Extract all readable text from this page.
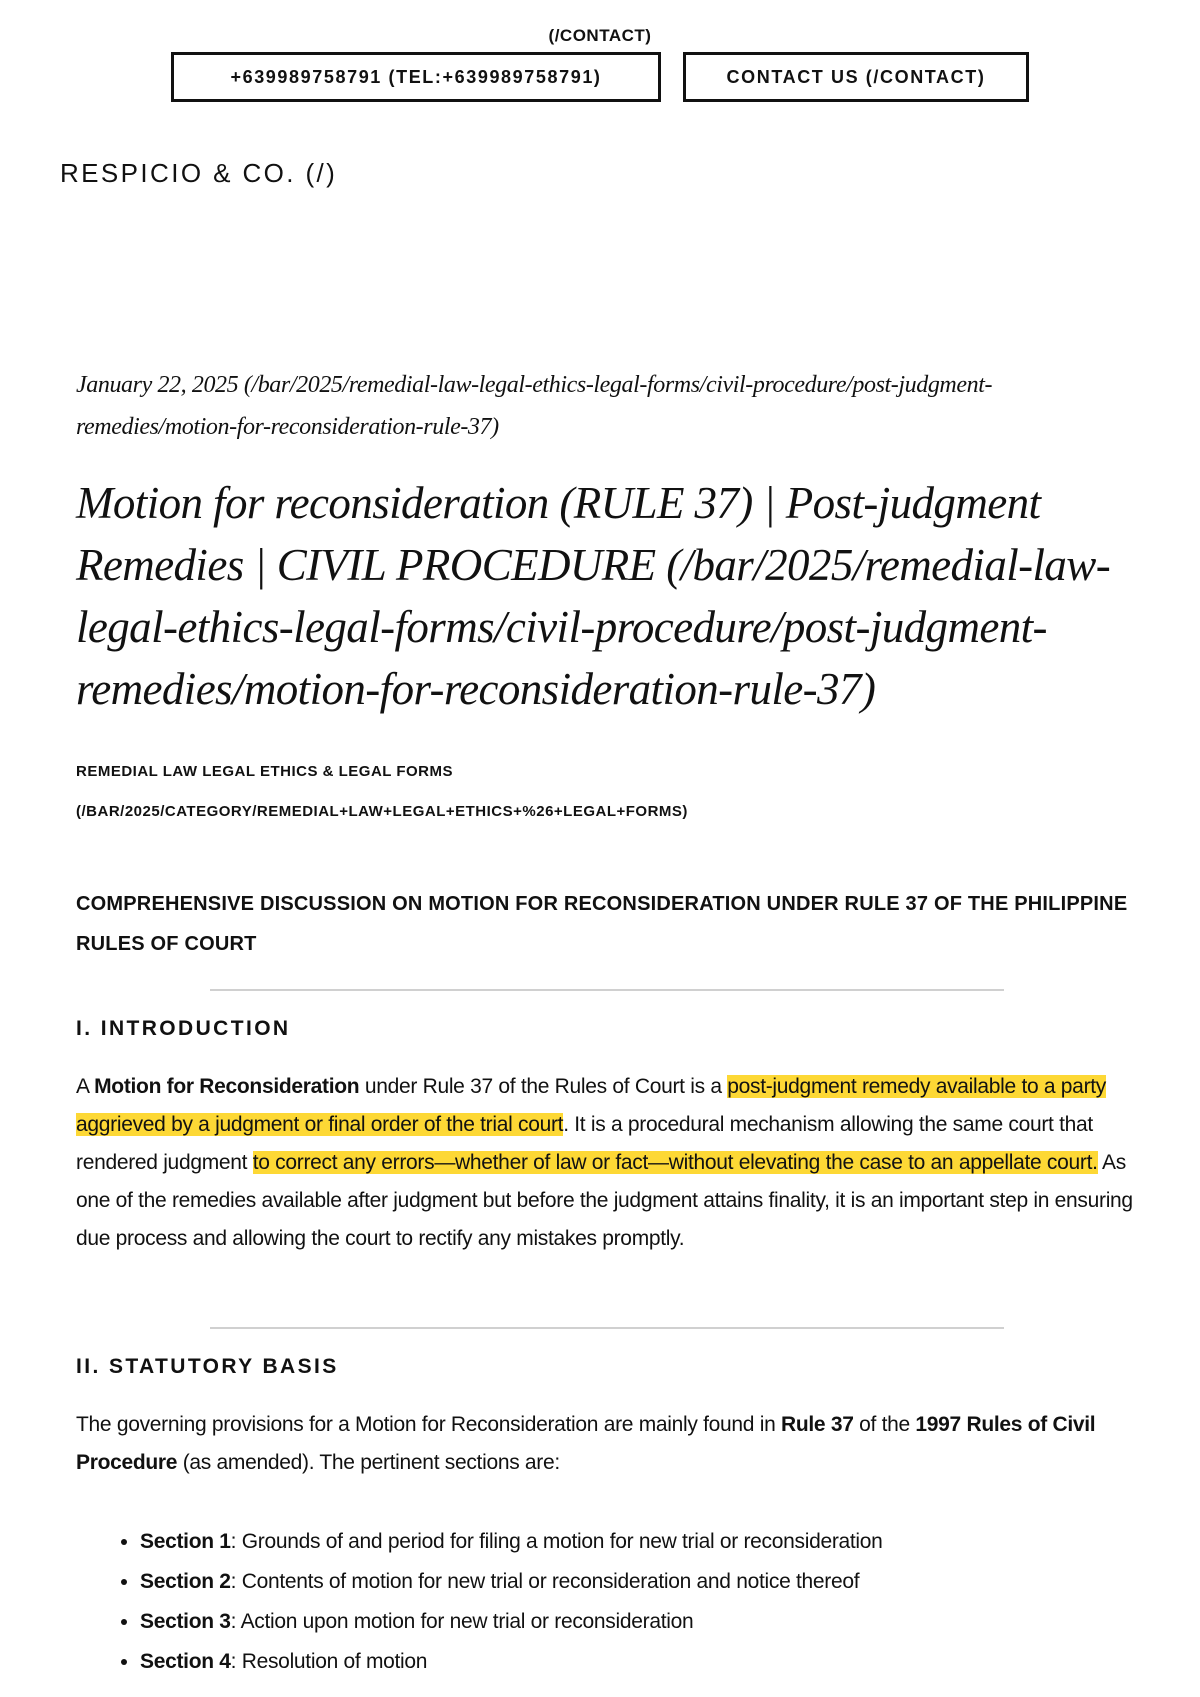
(/CONTACT)
+639989758791 (TEL:+639989758791)	CONTACT US (/CONTACT)
RESPICIO & CO. (/)
January 22, 2025 (/bar/2025/remedial-law-legal-ethics-legal-forms/civil-procedure/post-judgment-remedies/motion-for-reconsideration-rule-37)
Motion for reconsideration (RULE 37) | Post-judgment Remedies | CIVIL PROCEDURE (/bar/2025/remedial-law-legal-ethics-legal-forms/civil-procedure/post-judgment-remedies/motion-for-reconsideration-rule-37)
REMEDIAL LAW LEGAL ETHICS & LEGAL FORMS
(/BAR/2025/CATEGORY/REMEDIAL+LAW+LEGAL+ETHICS+%26+LEGAL+FORMS)
COMPREHENSIVE DISCUSSION ON MOTION FOR RECONSIDERATION UNDER RULE 37 OF THE PHILIPPINE RULES OF COURT
I. INTRODUCTION

A Motion for Reconsideration under Rule 37 of the Rules of Court is a post-judgment remedy available to a party aggrieved by a judgment or final order of the trial court. It is a procedural mechanism allowing the same court that rendered judgment to correct any errors—whether of law or fact—without elevating the case to an appellate court. As one of the remedies available after judgment but before the judgment attains finality, it is an important step in ensuring due process and allowing the court to rectify any mistakes promptly.

II. STATUTORY BASIS

The governing provisions for a Motion for Reconsideration are mainly found in Rule 37 of the 1997 Rules of Civil Procedure (as amended). The pertinent sections are:

• Section 1: Grounds of and period for filing a motion for new trial or reconsideration
• Section 2: Contents of motion for new trial or reconsideration and notice thereof
• Section 3: Action upon motion for new trial or reconsideration
• Section 4: Resolution of motion
